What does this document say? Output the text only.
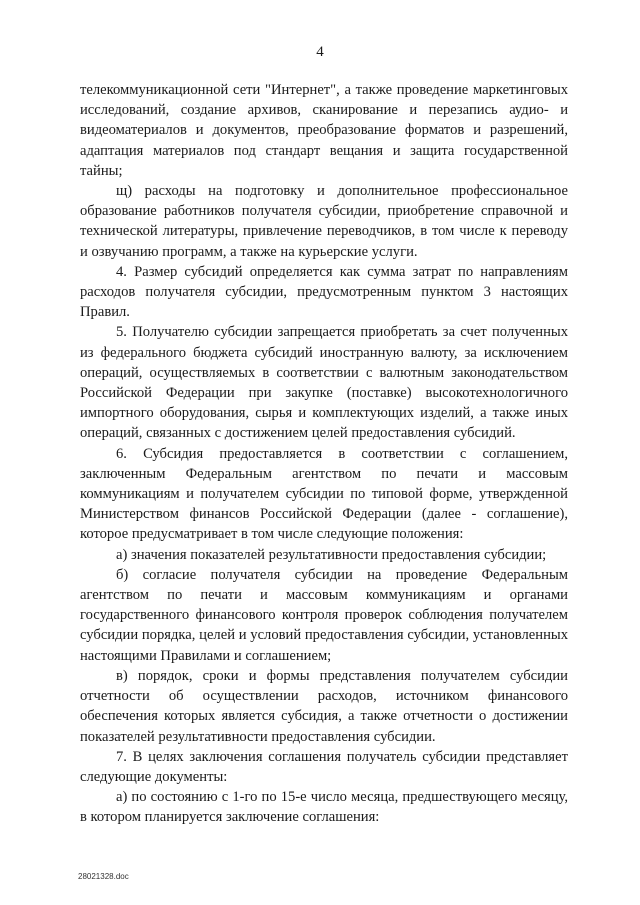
4

телекоммуникационной сети "Интернет", а также проведение маркетинговых исследований, создание архивов, сканирование и перезапись аудио- и видеоматериалов и документов, преобразование форматов и разрешений, адаптация материалов под стандарт вещания и защита государственной тайны;

щ) расходы на подготовку и дополнительное профессиональное образование работников получателя субсидии, приобретение справочной и технической литературы, привлечение переводчиков, в том числе к переводу и озвучанию программ, а также на курьерские услуги.

4. Размер субсидий определяется как сумма затрат по направлениям расходов получателя субсидии, предусмотренным пунктом 3 настоящих Правил.

5. Получателю субсидии запрещается приобретать за счет полученных из федерального бюджета субсидий иностранную валюту, за исключением операций, осуществляемых в соответствии с валютным законодательством Российской Федерации при закупке (поставке) высокотехнологичного импортного оборудования, сырья и комплектующих изделий, а также иных операций, связанных с достижением целей предоставления субсидий.

6. Субсидия предоставляется в соответствии с соглашением, заключенным Федеральным агентством по печати и массовым коммуникациям и получателем субсидии по типовой форме, утвержденной Министерством финансов Российской Федерации (далее - соглашение), которое предусматривает в том числе следующие положения:

а) значения показателей результативности предоставления субсидии;

б) согласие получателя субсидии на проведение Федеральным агентством по печати и массовым коммуникациям и органами государственного финансового контроля проверок соблюдения получателем субсидии порядка, целей и условий предоставления субсидии, установленных настоящими Правилами и соглашением;

в) порядок, сроки и формы представления получателем субсидии отчетности об осуществлении расходов, источником финансового обеспечения которых является субсидия, а также отчетности о достижении показателей результативности предоставления субсидии.

7. В целях заключения соглашения получатель субсидии представляет следующие документы:

а) по состоянию с 1-го по 15-е число месяца, предшествующего месяцу, в котором планируется заключение соглашения:

28021328.doc
